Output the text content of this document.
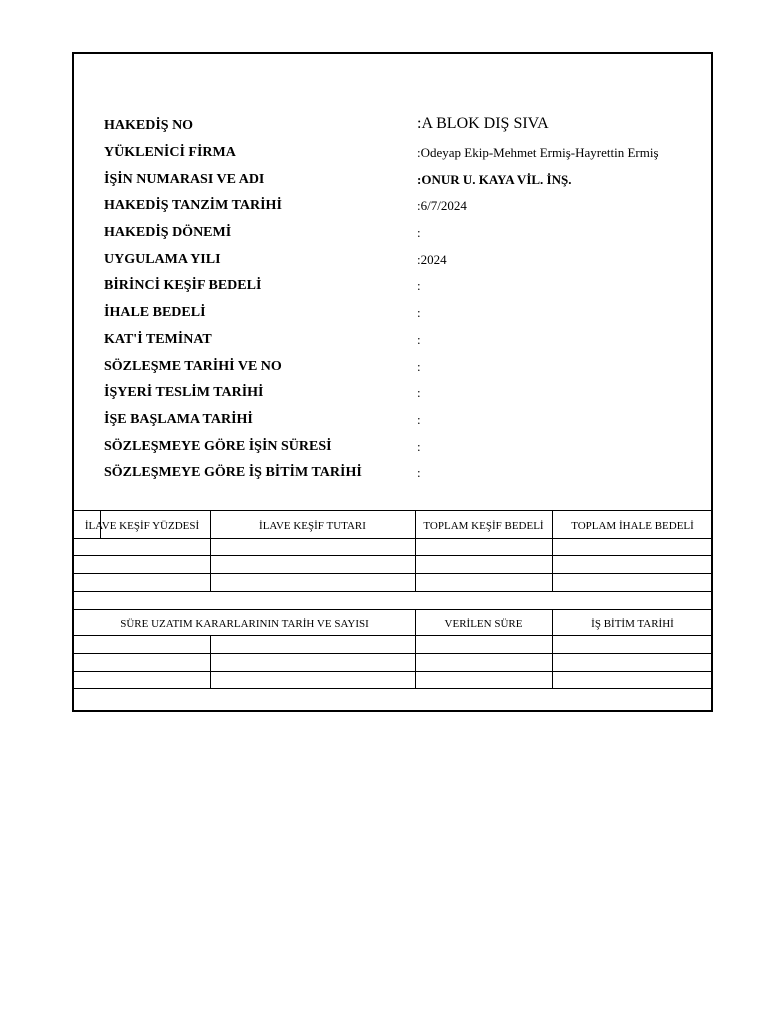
HAKEDİŞ NO	:A BLOK DIŞ SIVA
YÜKLENİCİ FİRMA	:Odeyap Ekip-Mehmet Ermiş-Hayrettin Ermiş
İŞİN NUMARASI VE ADI	:ONUR U. KAYA VİL. İNŞ.
HAKEDİŞ TANZİM TARİHİ	:6/7/2024
HAKEDİŞ DÖNEMİ	:
UYGULAMA YILI	:2024
BİRİNCİ KEŞİF BEDELİ	:
İHALE BEDELİ	:
KAT'İ TEMİNAT	:
SÖZLEŞME TARİHİ VE NO	:
İŞYERİ TESLİM TARİHİ	:
İŞE BAŞLAMA TARİHİ	:
SÖZLEŞMEYE GÖRE İŞİN SÜRESİ	:
SÖZLEŞMEYE GÖRE İŞ BİTİM TARİHİ	:
İLAVE KEŞİF YÜZDESİ	İLAVE KEŞİF TUTARI	TOPLAM KEŞİF BEDELİ	TOPLAM İHALE BEDELİ
SÜRE UZATIM KARARLARININ TARİH VE SAYISI	VERİLEN SÜRE	İŞ BİTİM TARİHİ
